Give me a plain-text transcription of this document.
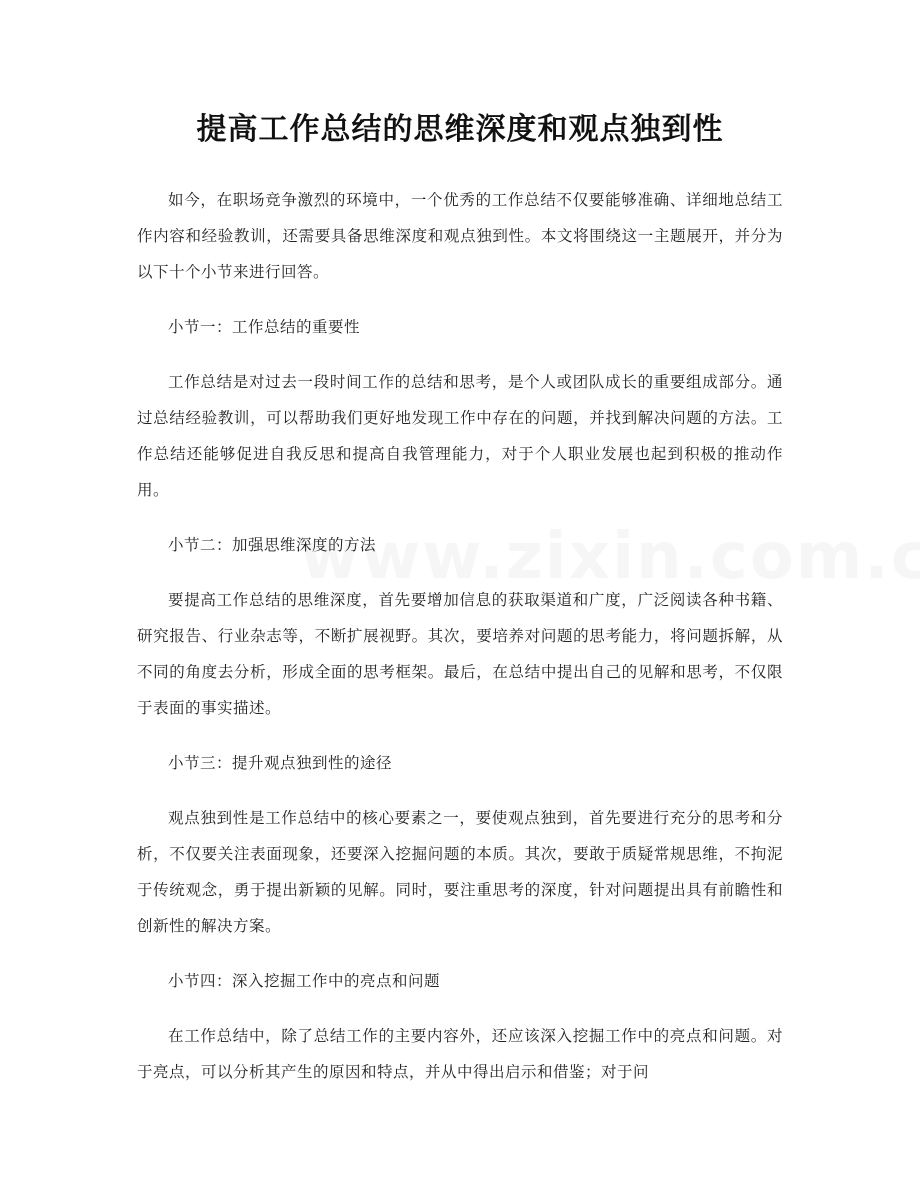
提高工作总结的思维深度和观点独到性

如今，在职场竞争激烈的环境中，一个优秀的工作总结不仅要能够准确、详细地总结工作内容和经验教训，还需要具备思维深度和观点独到性。本文将围绕这一主题展开，并分为以下十个小节来进行回答。

小节一：工作总结的重要性

工作总结是对过去一段时间工作的总结和思考，是个人或团队成长的重要组成部分。通过总结经验教训，可以帮助我们更好地发现工作中存在的问题，并找到解决问题的方法。工作总结还能够促进自我反思和提高自我管理能力，对于个人职业发展也起到积极的推动作用。

小节二：加强思维深度的方法

要提高工作总结的思维深度，首先要增加信息的获取渠道和广度，广泛阅读各种书籍、研究报告、行业杂志等，不断扩展视野。其次，要培养对问题的思考能力，将问题拆解，从不同的角度去分析，形成全面的思考框架。最后，在总结中提出自己的见解和思考，不仅限于表面的事实描述。

小节三：提升观点独到性的途径

观点独到性是工作总结中的核心要素之一，要使观点独到，首先要进行充分的思考和分析，不仅要关注表面现象，还要深入挖掘问题的本质。其次，要敢于质疑常规思维，不拘泥于传统观念，勇于提出新颖的见解。同时，要注重思考的深度，针对问题提出具有前瞻性和创新性的解决方案。

小节四：深入挖掘工作中的亮点和问题

在工作总结中，除了总结工作的主要内容外，还应该深入挖掘工作中的亮点和问题。对于亮点，可以分析其产生的原因和特点，并从中得出启示和借鉴；对于问
